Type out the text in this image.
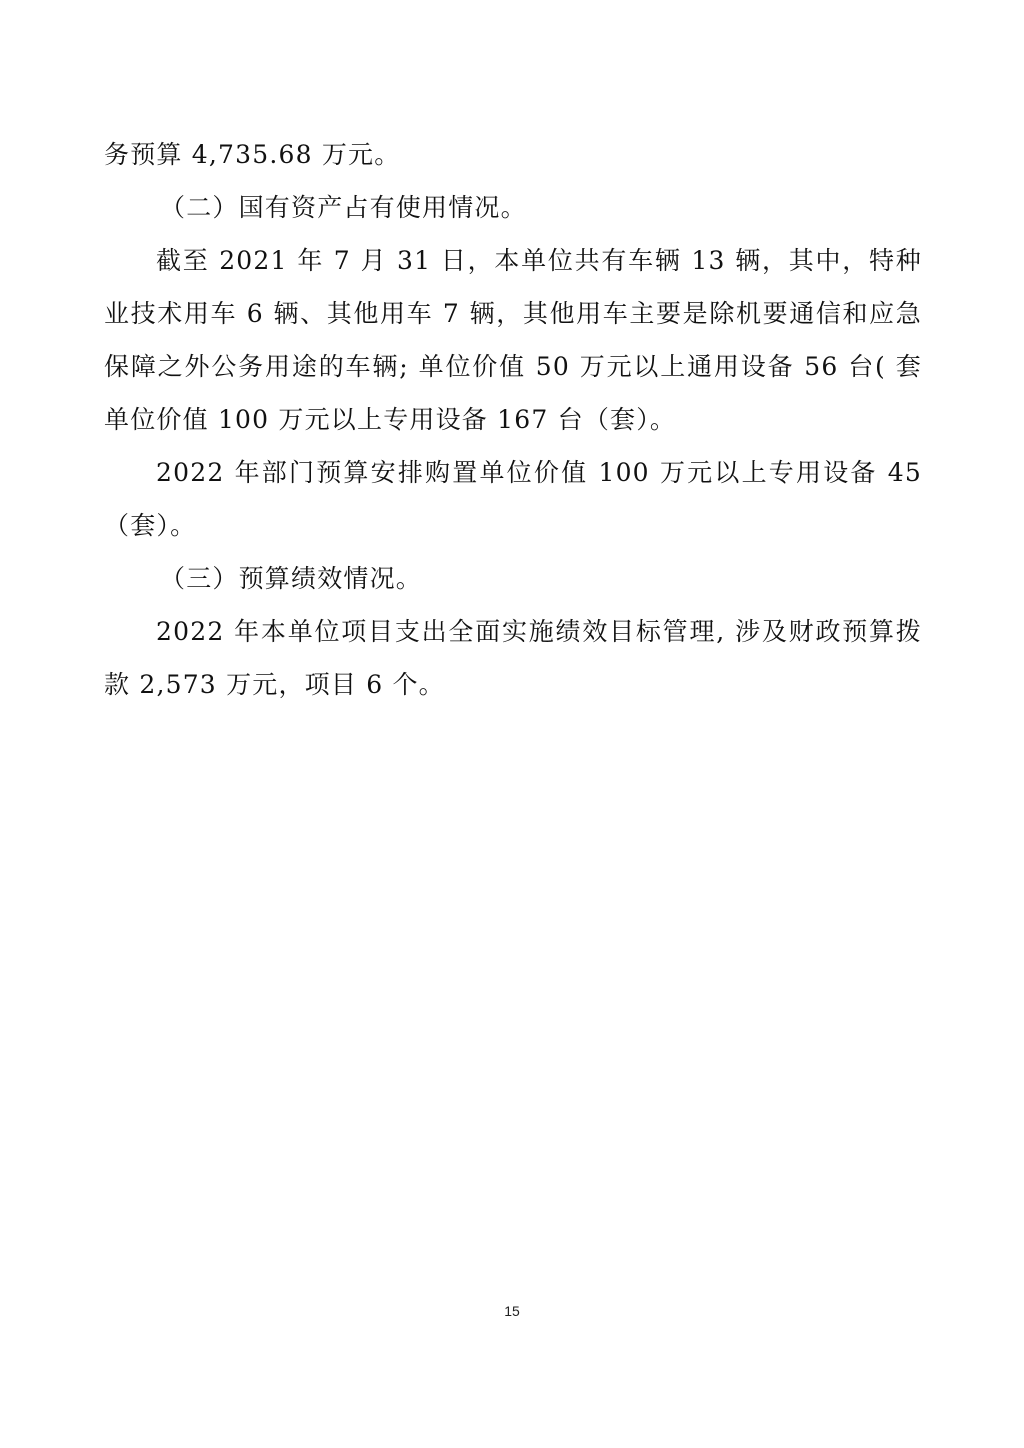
务预算 4,735.68 万元。
（二）国有资产占有使用情况。
截至 2021 年 7 月 31 日，本单位共有车辆 13 辆，其中，特种
业技术用车 6 辆、其他用车 7 辆，其他用车主要是除机要通信和应急
保障之外公务用途的车辆; 单位价值 50 万元以上通用设备 56 台( 套
单位价值 100 万元以上专用设备 167 台（套）。
2022 年部门预算安排购置单位价值 100 万元以上专用设备 45
（套）。
（三）预算绩效情况。
2022 年本单位项目支出全面实施绩效目标管理, 涉及财政预算拨
款 2,573 万元，项目 6 个。
15
